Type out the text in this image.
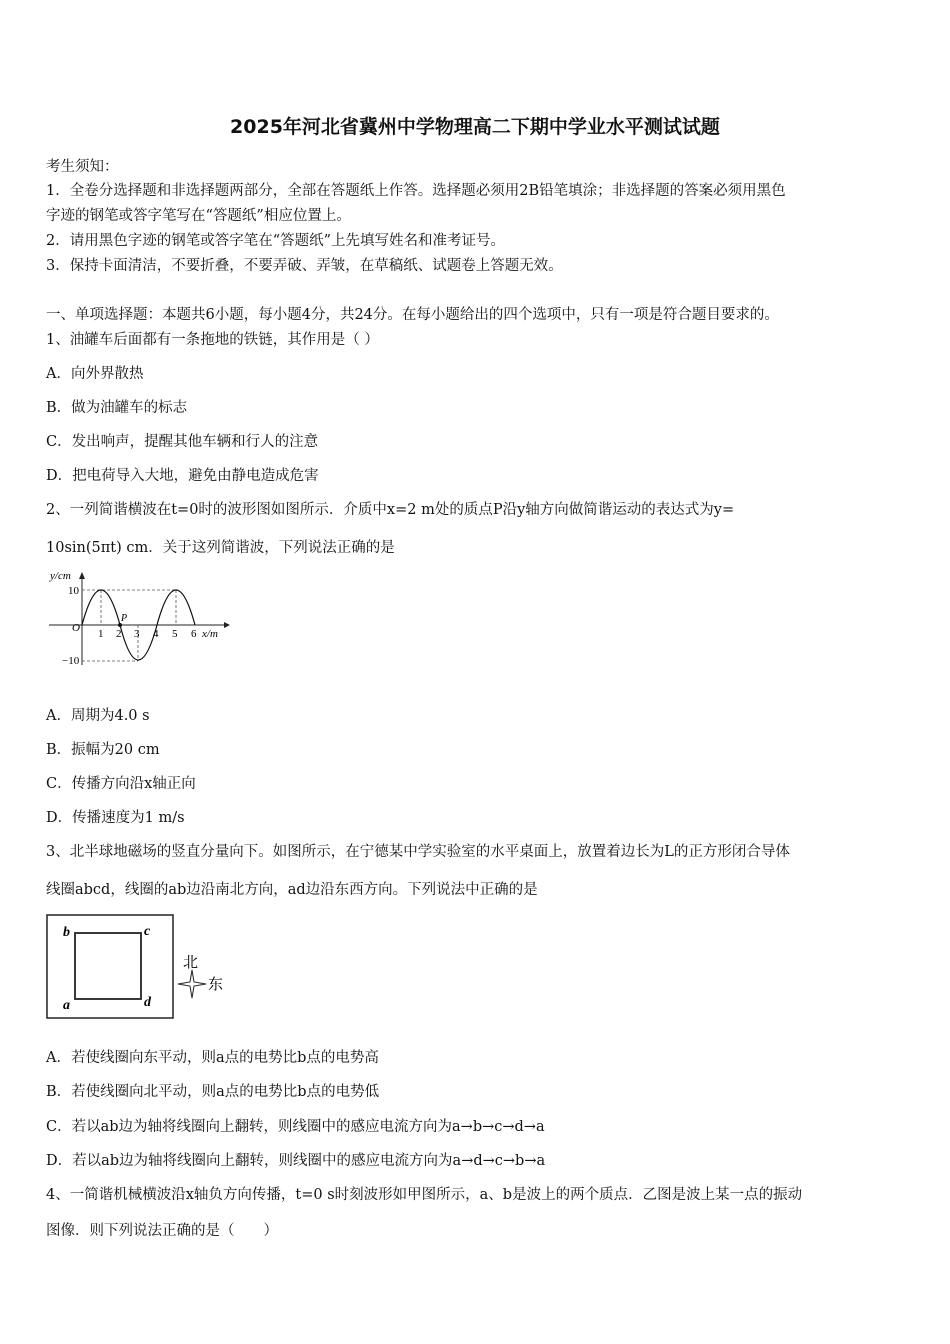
2025年河北省冀州中学物理高二下期中学业水平测试试题
考生须知：
1．全卷分选择题和非选择题两部分，全部在答题纸上作答。选择题必须用2B铅笔填涂；非选择题的答案必须用黑色
字迹的钢笔或答字笔写在“答题纸”相应位置上。
2．请用黑色字迹的钢笔或答字笔在“答题纸”上先填写姓名和准考证号。
3．保持卡面清洁，不要折叠，不要弄破、弄皱，在草稿纸、试题卷上答题无效。
一、单项选择题：本题共6小题，每小题4分，共24分。在每小题给出的四个选项中，只有一项是符合题目要求的。
1、油罐车后面都有一条拖地的铁链，其作用是（ ）
A．向外界散热
B．做为油罐车的标志
C．发出响声，提醒其他车辆和行人的注意
D．把电荷导入大地，避免由静电造成危害
2、一列简谐横波在t=0时的波形图如图所示．介质中x=2 m处的质点P沿y轴方向做简谐运动的表达式为y=
10sin(5πt) cm．关于这列简谐波，下列说法正确的是
y/cm
x/m
O
10
−10
P
1 2 3 4 5 6
A．周期为4.0 s
B．振幅为20 cm
C．传播方向沿x轴正向
D．传播速度为1 m/s
3、北半球地磁场的竖直分量向下。如图所示，在宁德某中学实验室的水平桌面上，放置着边长为L的正方形闭合导体
线圈abcd，线圈的ab边沿南北方向，ad边沿东西方向。下列说法中正确的是
b	c
a	d
北
东
A．若使线圈向东平动，则a点的电势比b点的电势高
B．若使线圈向北平动，则a点的电势比b点的电势低
C．若以ab边为轴将线圈向上翻转，则线圈中的感应电流方向为a→b→c→d→a
D．若以ab边为轴将线圈向上翻转，则线圈中的感应电流方向为a→d→c→b→a
4、一简谐机械横波沿x轴负方向传播，t=0 s时刻波形如甲图所示，a、b是波上的两个质点．乙图是波上某一点的振动
图像．则下列说法正确的是（　　）
